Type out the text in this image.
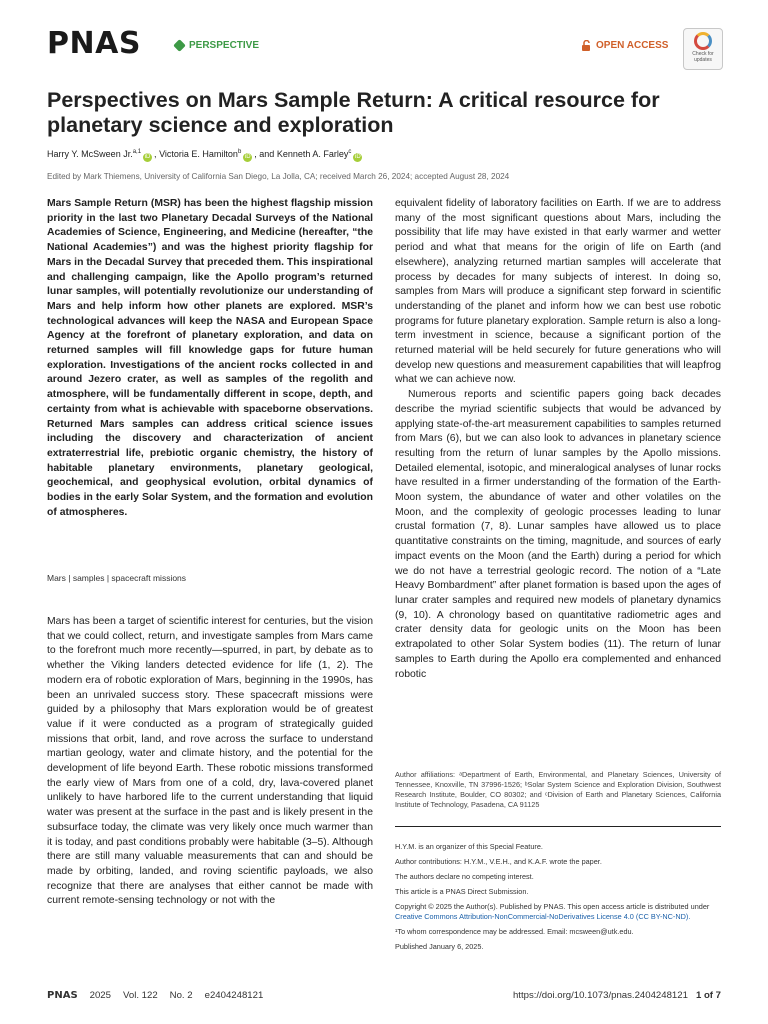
PNAS	PERSPECTIVE	OPEN ACCESS
Check for updates
Perspectives on Mars Sample Return: A critical resource for planetary science and exploration
Harry Y. McSween Jr.$^{a,1}$iD , Victoria E. Hamilton$^b$iD , and Kenneth A. Farley$^c$iD
Edited by Mark Thiemens, University of California San Diego, La Jolla, CA; received March 26, 2024; accepted August 28, 2024

Mars Sample Return (MSR) has been the highest flagship mission priority in the last two Planetary Decadal Surveys of the National Academies of Science, Engineering, and Medicine (hereafter, “the National Academies”) and was the highest priority flagship for Mars in the Decadal Survey that preceded them. This inspirational and challenging campaign, like the Apollo program’s returned lunar samples, will potentially revolutionize our understanding of Mars and help inform how other planets are explored. MSR’s technological advances will keep the NASA and European Space Agency at the forefront of planetary exploration, and data on returned samples will fill knowledge gaps for future human exploration. Investigations of the ancient rocks collected in and around Jezero crater, as well as samples of the regolith and atmosphere, will be fundamentally different in scope, depth, and certainty from what is achievable with spaceborne observations. Returned Mars samples can address critical science issues including the discovery and characterization of ancient extraterrestrial life, prebiotic organic chemistry, the history of habitable planetary environments, planetary geological, geochemical, and geophysical evolution, orbital dynamics of bodies in the early Solar System, and the formation and evolution of atmospheres.

Mars | samples | spacecraft missions

Mars has been a target of scientific interest for centuries, but the vision that we could collect, return, and investigate samples from Mars came to the forefront much more recently—spurred, in part, by debate as to whether the Viking landers detected evidence for life (1, 2). The modern era of robotic exploration of Mars, beginning in the 1990s, has been an unrivaled success story. These spacecraft missions were guided by a philosophy that Mars exploration would be of greatest value if it were conducted as a program of strategically guided missions that orbit, land, and rove across the surface to understand martian geology, water and climate history, and the potential for the development of life beyond Earth. These robotic missions transformed the early view of Mars from one of a cold, dry, lava-covered planet unlikely to have harbored life to the current understanding that liquid water was present at the surface in the past and is likely present in the subsurface today, the climate was very likely once much warmer than it is today, and past conditions probably were habitable (3–5). Although there are still many valuable measurements that can and should be made by orbiting, landed, and roving scientific payloads, we also recognize that there are analyses that either cannot be made with current remote-sensing technology or not with the

equivalent fidelity of laboratory facilities on Earth. If we are to address many of the most significant questions about Mars, including the possibility that life may have existed in that early warmer and wetter period and what that means for the origin of life on Earth (and elsewhere), analyzing returned martian samples will accelerate that process by decades for many subjects of interest. In doing so, samples from Mars will produce a significant step forward in scientific understanding of the planet and inform how we can best use robotic programs for future planetary exploration. Sample return is also a long-term investment in science, because a significant portion of the returned material will be held securely for future generations who will develop new questions and measurement capabilities that will leapfrog what we can achieve now.

Numerous reports and scientific papers going back decades describe the myriad scientific subjects that would be advanced by applying state-of-the-art measurement capabilities to samples returned from Mars (6), but we can also look to advances in planetary science resulting from the return of lunar samples by the Apollo missions. Detailed elemental, isotopic, and mineralogical analyses of lunar rocks have resulted in a firmer understanding of the formation of the Earth-Moon system, the abundance of water and other volatiles on the Moon, and the complexity of geologic processes leading to lunar crustal formation (7, 8). Lunar samples have allowed us to place quantitative constraints on the timing, magnitude, and sources of early impact events on the Moon (and the Earth) during a period for which we do not have a terrestrial geologic record. The notion of a “Late Heavy Bombardment” after planet formation is based upon the ages of lunar crater samples and required new models of planetary dynamics (9, 10). A chronology based on quantitative radiometric ages and crater density data for geologic units on the Moon has been extrapolated to other Solar System bodies (11). The return of lunar samples to Earth during the Apollo era complemented and enhanced robotic

Author affiliations: ᵃDepartment of Earth, Environmental, and Planetary Sciences, University of Tennessee, Knoxville, TN 37996-1526; ᵇSolar System Science and Exploration Division, Southwest Research Institute, Boulder, CO 80302; and ᶜDivision of Earth and Planetary Sciences, California Institute of Technology, Pasadena, CA 91125

H.Y.M. is an organizer of this Special Feature.

Author contributions: H.Y.M., V.E.H., and K.A.F. wrote the paper.

The authors declare no competing interest.

This article is a PNAS Direct Submission.

Copyright © 2025 the Author(s). Published by PNAS. This open access article is distributed under Creative Commons Attribution-NonCommercial-NoDerivatives License 4.0 (CC BY-NC-ND).

¹To whom correspondence may be addressed. Email: mcsween@utk.edu.

Published January 6, 2025.

PNAS 2025 Vol. 122 No. 2 e2404248121	https://doi.org/10.1073/pnas.2404248121 1 of 7
